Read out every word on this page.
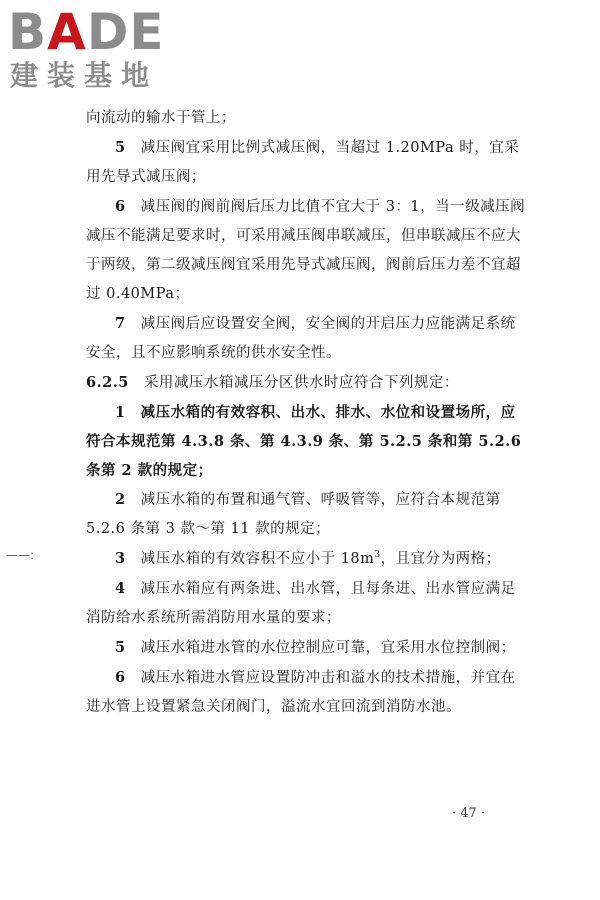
BADE
建装基地
——:

向流动的输水干管上；

5　 减压阀宜采用比例式减压阀，当超过 1.20MPa 时，宜采用先导式减压阀；

6　 减压阀的阀前阀后压力比值不宜大于 3：1，当一级减压阀减压不能满足要求时，可采用减压阀串联减压，但串联减压不应大于两级，第二级减压阀宜采用先导式减压阀，阀前后压力差不宜超过 0.40MPa；

7　 减压阀后应设置安全阀，安全阀的开启压力应能满足系统安全，且不应影响系统的供水安全性。

6.2.5　 采用减压水箱减压分区供水时应符合下列规定：

1　 减压水箱的有效容积、出水、排水、水位和设置场所，应符合本规范第 4.3.8 条、第 4.3.9 条、第 5.2.5 条和第 5.2.6 条第 2 款的规定；

2　 减压水箱的布置和通气管、呼吸管等，应符合本规范第 5.2.6 条第 3 款～第 11 款的规定；

3　 减压水箱的有效容积不应小于 $18m^3$，且宜分为两格；

4　 减压水箱应有两条进、出水管，且每条进、出水管应满足消防给水系统所需消防用水量的要求；

5　 减压水箱进水管的水位控制应可靠，宜采用水位控制阀；

6　 减压水箱进水管应设置防冲击和溢水的技术措施，并宜在进水管上设置紧急关闭阀门，溢流水宜回流到消防水池。

· 47 ·
